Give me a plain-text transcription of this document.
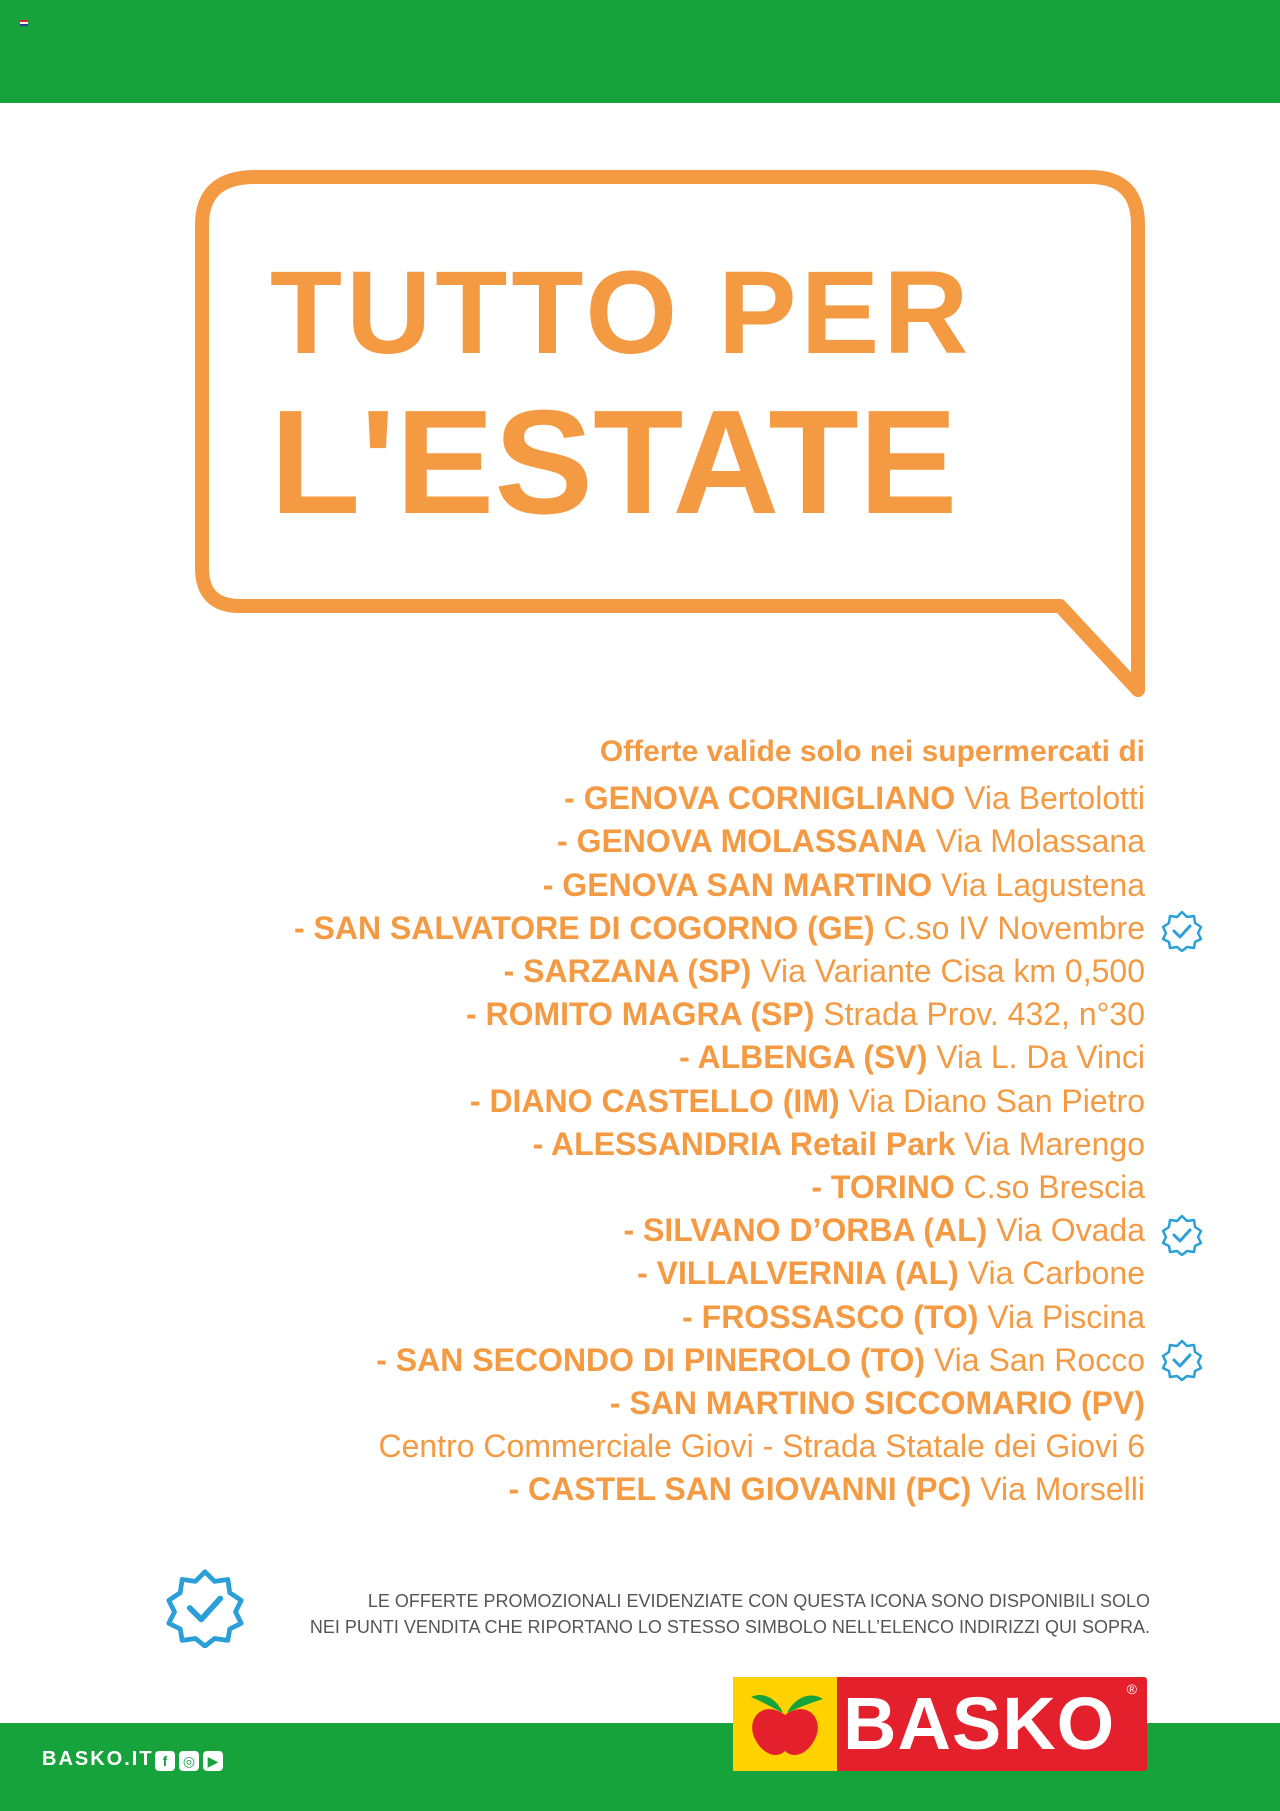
TUTTO PER
L'ESTATE
Offerte valide solo nei supermercati di
- GENOVA CORNIGLIANO Via Bertolotti
- GENOVA MOLASSANA Via Molassana
- GENOVA SAN MARTINO Via Lagustena
- SAN SALVATORE DI COGORNO (GE) C.so IV Novembre
- SARZANA (SP) Via Variante Cisa km 0,500
- ROMITO MAGRA (SP) Strada Prov. 432, n°30
- ALBENGA (SV) Via L. Da Vinci
- DIANO CASTELLO (IM) Via Diano San Pietro
- ALESSANDRIA Retail Park Via Marengo
- TORINO C.so Brescia
- SILVANO D’ORBA (AL) Via Ovada
- VILLALVERNIA (AL) Via Carbone
- FROSSASCO (TO) Via Piscina
- SAN SECONDO DI PINEROLO (TO) Via San Rocco
- SAN MARTINO SICCOMARIO (PV)
Centro Commerciale Giovi - Strada Statale dei Giovi 6
- CASTEL SAN GIOVANNI (PC) Via Morselli
LE OFFERTE PROMOZIONALI EVIDENZIATE CON QUESTA ICONA SONO DISPONIBILI SOLO
NEI PUNTI VENDITA CHE RIPORTANO LO STESSO SIMBOLO NELL’ELENCO INDIRIZZI QUI SOPRA.
BASKO.IT f	◎ ▶	BASKO ®
